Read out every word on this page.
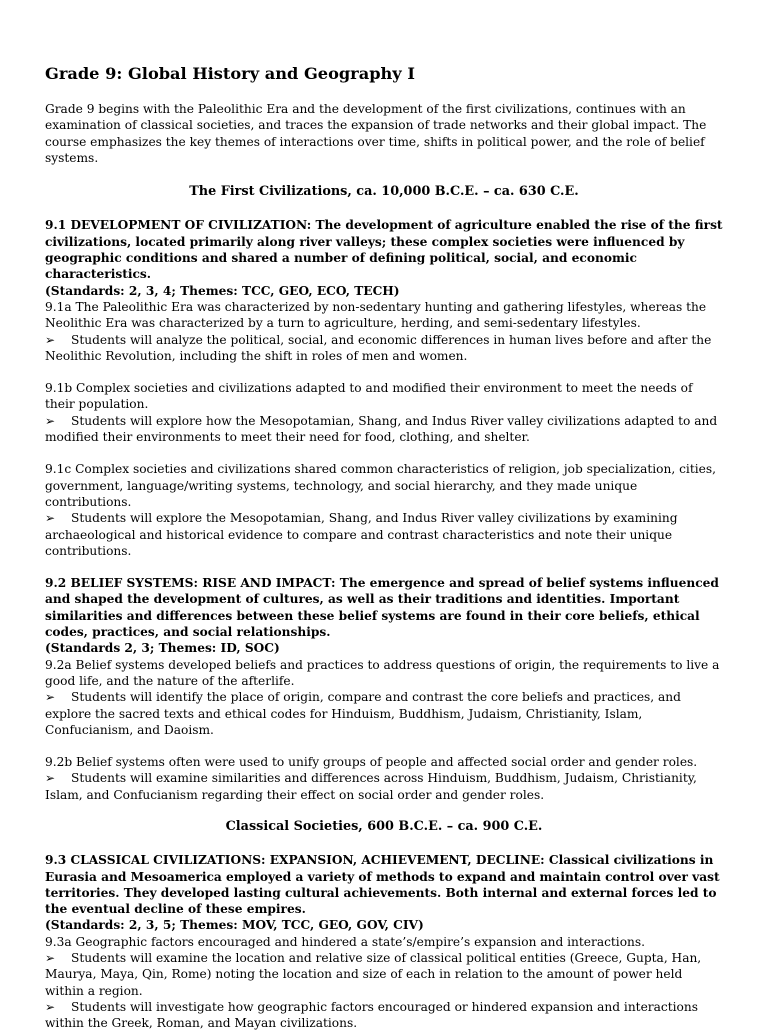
Grade 9: Global History and Geography I

Grade 9 begins with the Paleolithic Era and the development of the first civilizations, continues with an examination of classical societies, and traces the expansion of trade networks and their global impact. The course emphasizes the key themes of interactions over time, shifts in political power, and the role of belief systems.

The First Civilizations, ca. 10,000 B.C.E. – ca. 630 C.E.

9.1 DEVELOPMENT OF CIVILIZATION: The development of agriculture enabled the rise of the first civilizations, located primarily along river valleys; these complex societies were influenced by geographic conditions and shared a number of defining political, social, and economic characteristics.

(Standards: 2, 3, 4; Themes: TCC, GEO, ECO, TECH)

9.1a The Paleolithic Era was characterized by non-sedentary hunting and gathering lifestyles, whereas the Neolithic Era was characterized by a turn to agriculture, herding, and semi-sedentary lifestyles.

➢ Students will analyze the political, social, and economic differences in human lives before and after the Neolithic Revolution, including the shift in roles of men and women.

9.1b Complex societies and civilizations adapted to and modified their environment to meet the needs of their population.

➢ Students will explore how the Mesopotamian, Shang, and Indus River valley civilizations adapted to and modified their environments to meet their need for food, clothing, and shelter.

9.1c Complex societies and civilizations shared common characteristics of religion, job specialization, cities, government, language/writing systems, technology, and social hierarchy, and they made unique contributions.

➢ Students will explore the Mesopotamian, Shang, and Indus River valley civilizations by examining archaeological and historical evidence to compare and contrast characteristics and note their unique contributions.

9.2 BELIEF SYSTEMS: RISE AND IMPACT: The emergence and spread of belief systems influenced and shaped the development of cultures, as well as their traditions and identities. Important similarities and differences between these belief systems are found in their core beliefs, ethical codes, practices, and social relationships.

(Standards 2, 3; Themes: ID, SOC)

9.2a Belief systems developed beliefs and practices to address questions of origin, the requirements to live a good life, and the nature of the afterlife.

➢ Students will identify the place of origin, compare and contrast the core beliefs and practices, and explore the sacred texts and ethical codes for Hinduism, Buddhism, Judaism, Christianity, Islam, Confucianism, and Daoism.

9.2b Belief systems often were used to unify groups of people and affected social order and gender roles.

➢ Students will examine similarities and differences across Hinduism, Buddhism, Judaism, Christianity, Islam, and Confucianism regarding their effect on social order and gender roles.

Classical Societies, 600 B.C.E. – ca. 900 C.E.

9.3 CLASSICAL CIVILIZATIONS: EXPANSION, ACHIEVEMENT, DECLINE: Classical civilizations in Eurasia and Mesoamerica employed a variety of methods to expand and maintain control over vast territories. They developed lasting cultural achievements. Both internal and external forces led to the eventual decline of these empires.

(Standards: 2, 3, 5; Themes: MOV, TCC, GEO, GOV, CIV)

9.3a Geographic factors encouraged and hindered a state’s/empire’s expansion and interactions.

➢ Students will examine the location and relative size of classical political entities (Greece, Gupta, Han, Maurya, Maya, Qin, Rome) noting the location and size of each in relation to the amount of power held within a region.

➢ Students will investigate how geographic factors encouraged or hindered expansion and interactions within the Greek, Roman, and Mayan civilizations.
